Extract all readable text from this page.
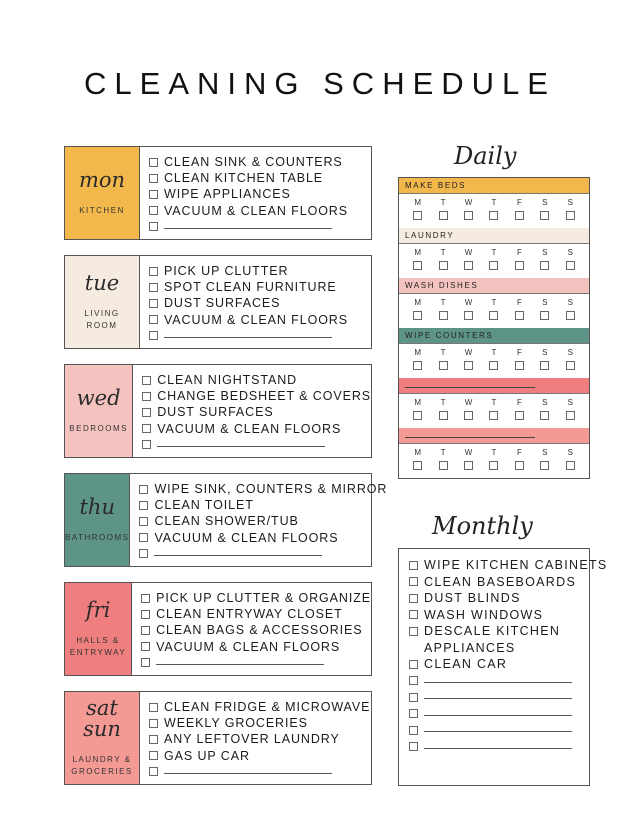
CLEANING SCHEDULE
mon
KITCHEN
CLEAN SINK & COUNTERS
CLEAN KITCHEN TABLE
WIPE APPLIANCES
VACUUM & CLEAN FLOORS
tue
LIVING
ROOM
PICK UP CLUTTER
SPOT CLEAN FURNITURE
DUST SURFACES
VACUUM & CLEAN FLOORS
wed
BEDROOMS
CLEAN NIGHTSTAND
CHANGE BEDSHEET & COVERS
DUST SURFACES
VACUUM & CLEAN FLOORS
thu
BATHROOMS
WIPE SINK, COUNTERS & MIRROR
CLEAN TOILET
CLEAN SHOWER/TUB
VACUUM & CLEAN FLOORS
fri
HALLS &
ENTRYWAY
PICK UP CLUTTER & ORGANIZE
CLEAN ENTRYWAY CLOSET
CLEAN BAGS & ACCESSORIES
VACUUM & CLEAN FLOORS
sat
sun
LAUNDRY &
GROCERIES
CLEAN FRIDGE & MICROWAVE
WEEKLY GROCERIES
ANY LEFTOVER LAUNDRY
GAS UP CAR
Daily
MAKE BEDS
M T W T	F	S	S
LAUNDRY
M T W T	F	S	S
WASH DISHES
M T W T	F	S	S
WIPE COUNTERS
M T W T	F	S	S
M T W T	F	S	S
M T W T	F	S	S
Monthly
WIPE KITCHEN CABINETS
CLEAN BASEBOARDS
DUST BLINDS
WASH WINDOWS
DESCALE KITCHEN
APPLIANCES
CLEAN CAR
